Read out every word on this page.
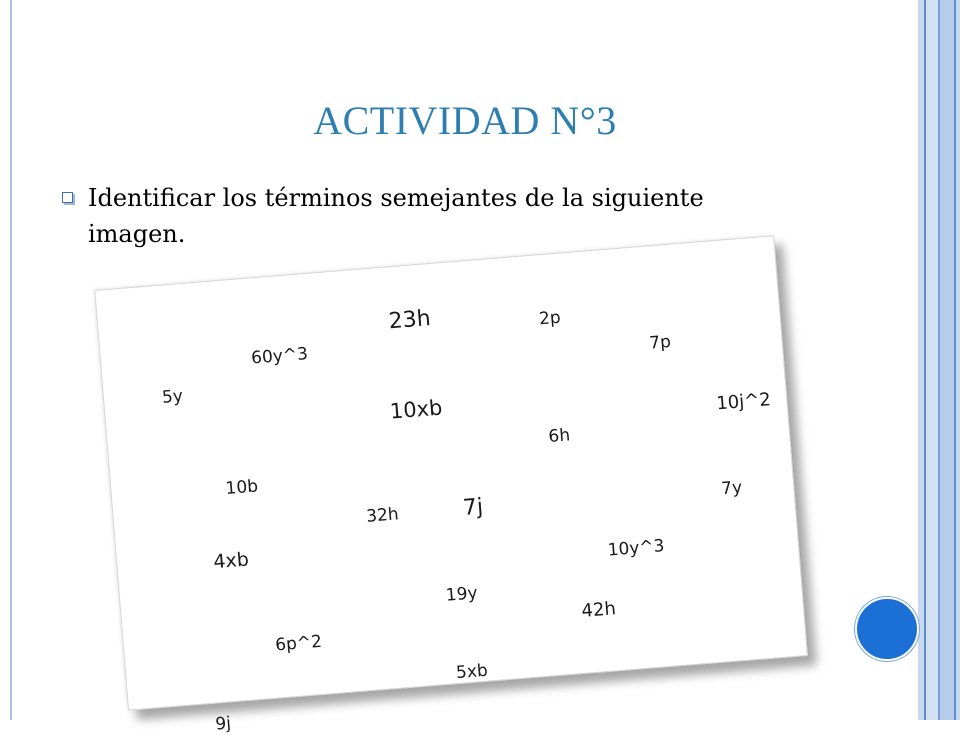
ACTIVIDAD N°3
Identificar los términos semejantes de la siguiente imagen.
23h
60y^3
2p
5y
7p
10xb	10j^2
10b
6h
32h	7j
4xb
7y
10y^3
19y
6p^2
42h
5xb
9j
